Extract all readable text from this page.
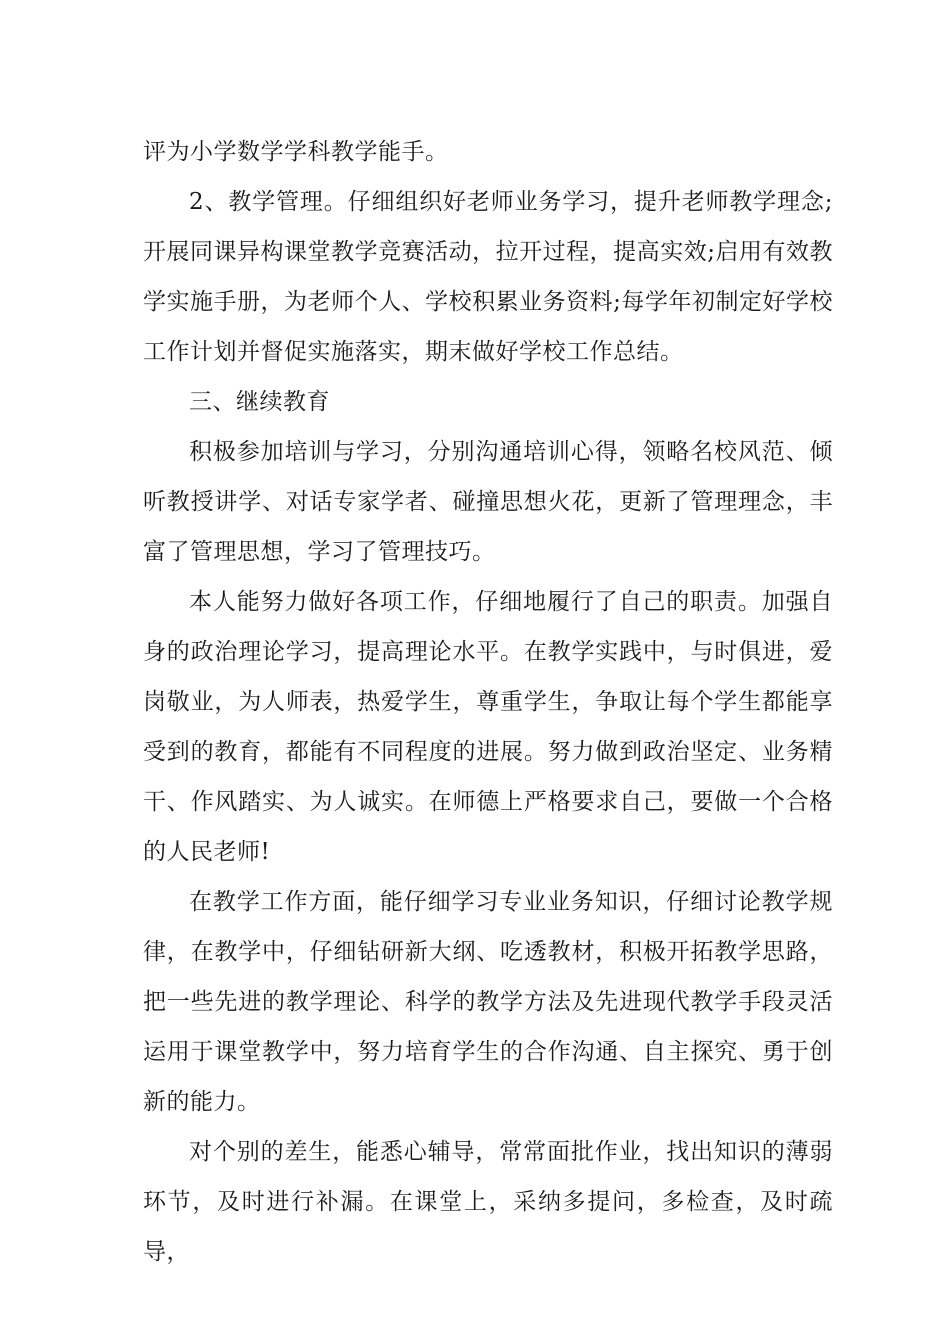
评为小学数学学科教学能手。

2、教学管理。仔细组织好老师业务学习，提升老师教学理念;开展同课异构课堂教学竞赛活动，拉开过程，提高实效;启用有效教学实施手册，为老师个人、学校积累业务资料;每学年初制定好学校工作计划并督促实施落实，期末做好学校工作总结。

三、继续教育

积极参加培训与学习，分别沟通培训心得，领略名校风范、倾听教授讲学、对话专家学者、碰撞思想火花，更新了管理理念，丰富了管理思想，学习了管理技巧。

本人能努力做好各项工作，仔细地履行了自己的职责。加强自身的政治理论学习，提高理论水平。在教学实践中，与时俱进，爱岗敬业，为人师表，热爱学生，尊重学生，争取让每个学生都能享受到的教育，都能有不同程度的进展。努力做到政治坚定、业务精干、作风踏实、为人诚实。在师德上严格要求自己，要做一个合格的人民老师!

在教学工作方面，能仔细学习专业业务知识，仔细讨论教学规律，在教学中，仔细钻研新大纲、吃透教材，积极开拓教学思路，把一些先进的教学理论、科学的教学方法及先进现代教学手段灵活运用于课堂教学中，努力培育学生的合作沟通、自主探究、勇于创新的能力。

对个别的差生，能悉心辅导，常常面批作业，找出知识的薄弱环节，及时进行补漏。在课堂上，采纳多提问，多检查，及时疏导，
